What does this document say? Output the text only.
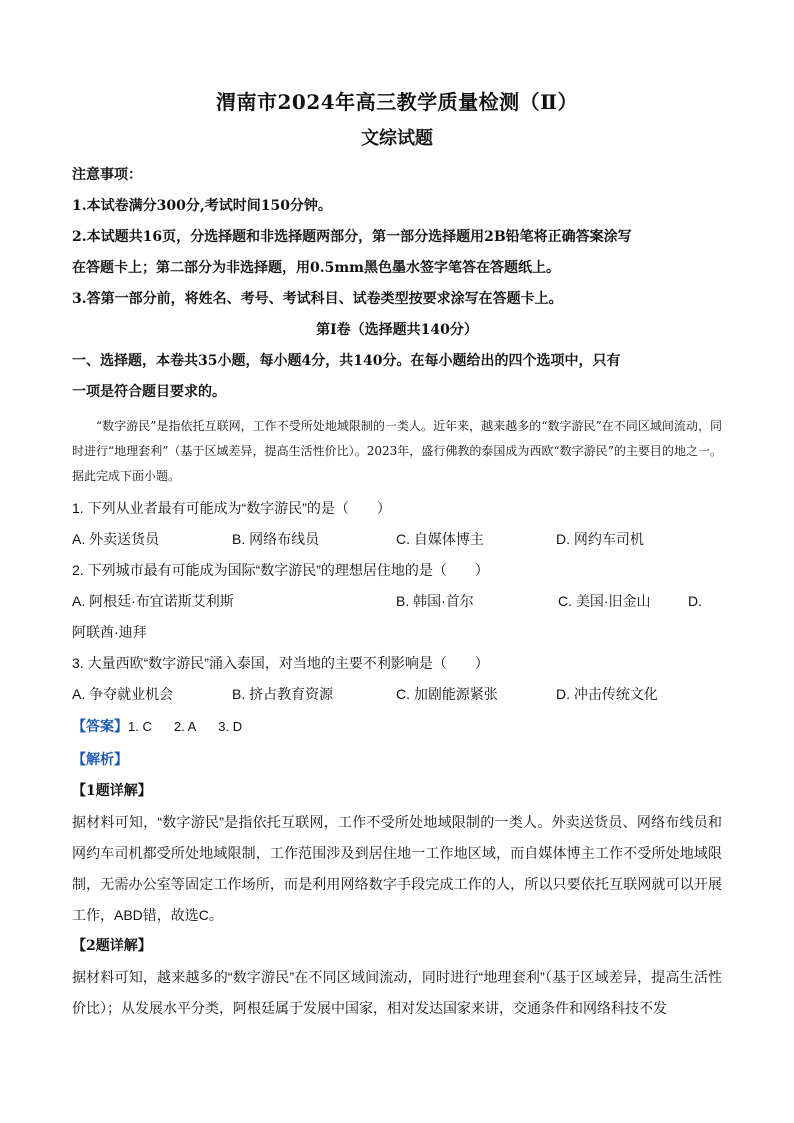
渭南市2024年高三教学质量检测（Ⅱ）
文综试题

注意事项：

1.本试卷满分300分,考试时间150分钟。

2.本试题共16页，分选择题和非选择题两部分，第一部分选择题用2B铅笔将正确答案涂写

在答题卡上；第二部分为非选择题，用0.5mm黑色墨水签字笔答在答题纸上。

3.答第一部分前，将姓名、考号、考试科目、试卷类型按要求涂写在答题卡上。

第Ⅰ卷（选择题共140分）

一、选择题，本卷共35小题，每小题4分，共140分。在每小题给出的四个选项中，只有

一项是符合题目要求的。

“数字游民”是指依托互联网，工作不受所处地域限制的一类人。近年来，越来越多的“数字游民”在不同区域间流动，同时进行“地理套利”（基于区域差异，提高生活性价比）。2023年，盛行佛教的泰国成为西欧“数字游民”的主要目的地之一。据此完成下面小题。

1. 下列从业者最有可能成为“数字游民”的是（　　）

A. 外卖送货员	B. 网络布线员	C. 自媒体博主	D. 网约车司机

2. 下列城市最有可能成为国际“数字游民”的理想居住地的是（　　）

A. 阿根廷·布宜诺斯艾利斯	B. 韩国·首尔	C. 美国·旧金山	D.

阿联酋·迪拜

3. 大量西欧“数字游民”涌入泰国，对当地的主要不利影响是（　　）

A. 争夺就业机会	B. 挤占教育资源	C. 加剧能源紧张	D. 冲击传统文化

【答案】1. C 2. A 3. D

【解析】

【1题详解】

据材料可知，“数字游民”是指依托互联网，工作不受所处地域限制的一类人。外卖送货员、网络布线员和网约车司机都受所处地域限制，工作范围涉及到居住地一工作地区域，而自媒体博主工作不受所处地域限制，无需办公室等固定工作场所，而是利用网络数字手段完成工作的人，所以只要依托互联网就可以开展工作，ABD错，故选C。

【2题详解】

据材料可知，越来越多的“数字游民”在不同区域间流动，同时进行“地理套利”（基于区域差异，提高生活性价比）；从发展水平分类，阿根廷属于发展中国家，相对发达国家来讲，交通条件和网络科技不发
